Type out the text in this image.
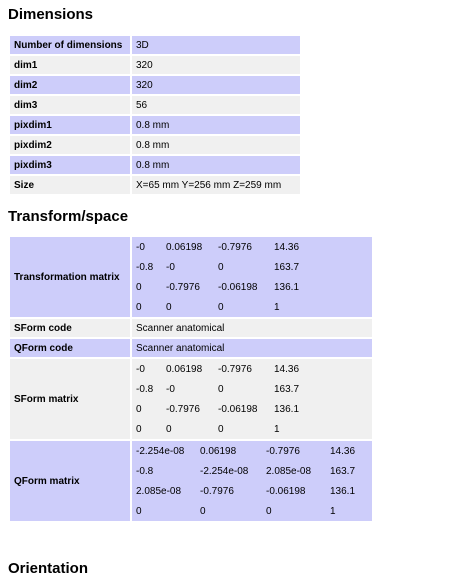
Dimensions
Number of dimensions	3D
dim1	320
dim2	320
dim3	56
pixdim1	0.8 mm
pixdim2	0.8 mm
pixdim3	0.8 mm
Size	X=65 mm Y=256 mm Z=259 mm
Transform/space
Transformation matrix	
-0	0.06198	-0.7976	14.36
-0.8	-0	0	163.7
0	-0.7976	-0.06198	136.1
0	0	0	1

SForm code	Scanner anatomical
QForm code	Scanner anatomical
SForm matrix	
-0	0.06198	-0.7976	14.36
-0.8	-0	0	163.7
0	-0.7976	-0.06198	136.1
0	0	0	1

QForm matrix	
-2.254e-08	0.06198	-0.7976	14.36
-0.8	-2.254e-08	2.085e-08	163.7
2.085e-08	-0.7976	-0.06198	136.1
0	0	0	1
Orientation
